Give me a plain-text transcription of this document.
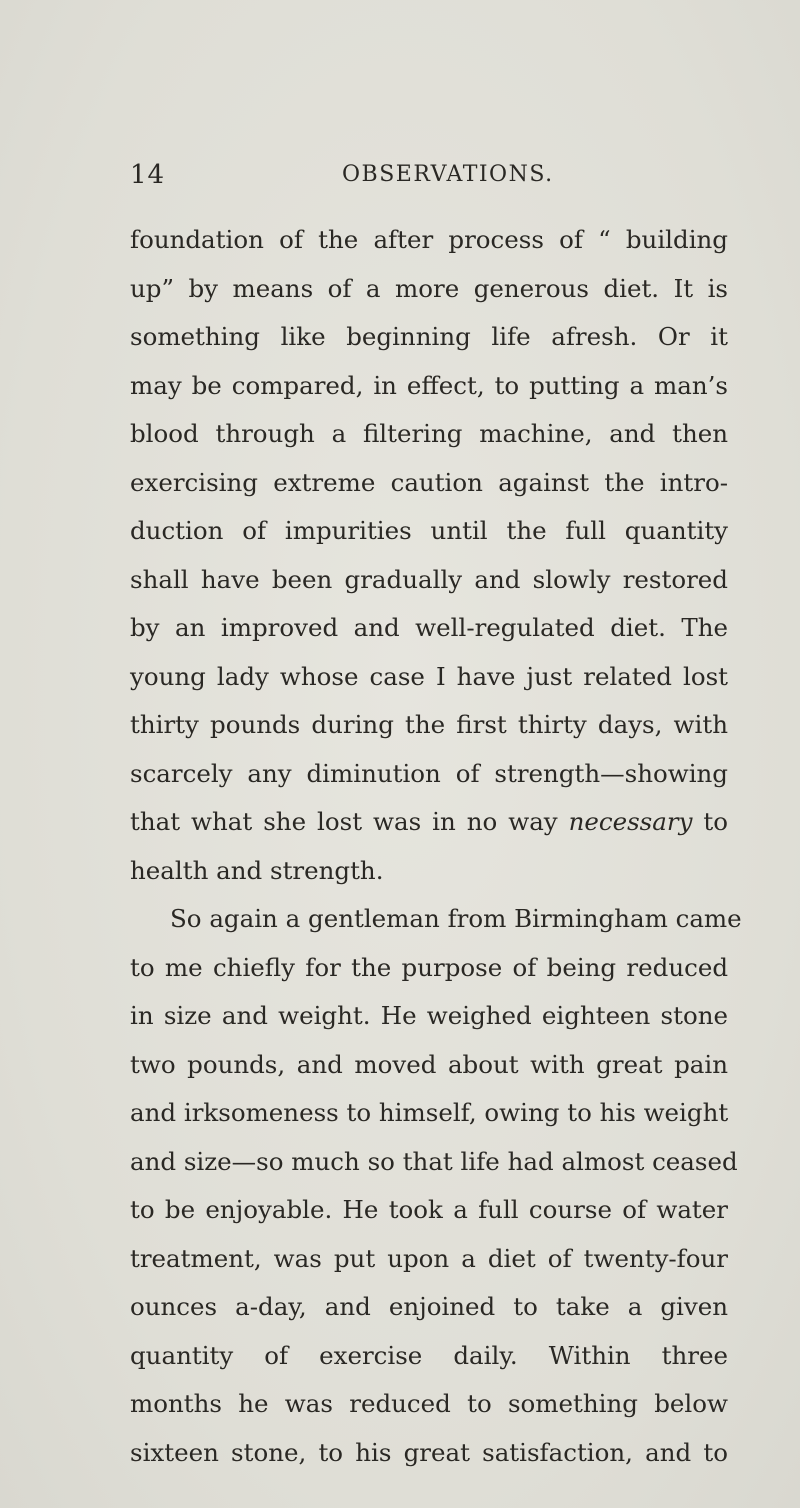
14	OBSERVATIONS.
foundation of the after process of “ building
up” by means of a more generous diet. It is
something like beginning life afresh. Or it
may be compared, in effect, to putting a man’s
blood through a filtering machine, and then
exercising extreme caution against the intro-
duction of impurities until the full quantity
shall have been gradually and slowly restored
by an improved and well-regulated diet. The
young lady whose case I have just related lost
thirty pounds during the first thirty days, with
scarcely any diminution of strength—showing
that what she lost was in no way necessary to
health and strength.
So again a gentleman from Birmingham came
to me chiefly for the purpose of being reduced
in size and weight. He weighed eighteen stone
two pounds, and moved about with great pain
and irksomeness to himself, owing to his weight
and size—so much so that life had almost ceased
to be enjoyable. He took a full course of water
treatment, was put upon a diet of twenty-four
ounces a-day, and enjoined to take a given
quantity of exercise daily. Within three
months he was reduced to something below
sixteen stone, to his great satisfaction, and to
